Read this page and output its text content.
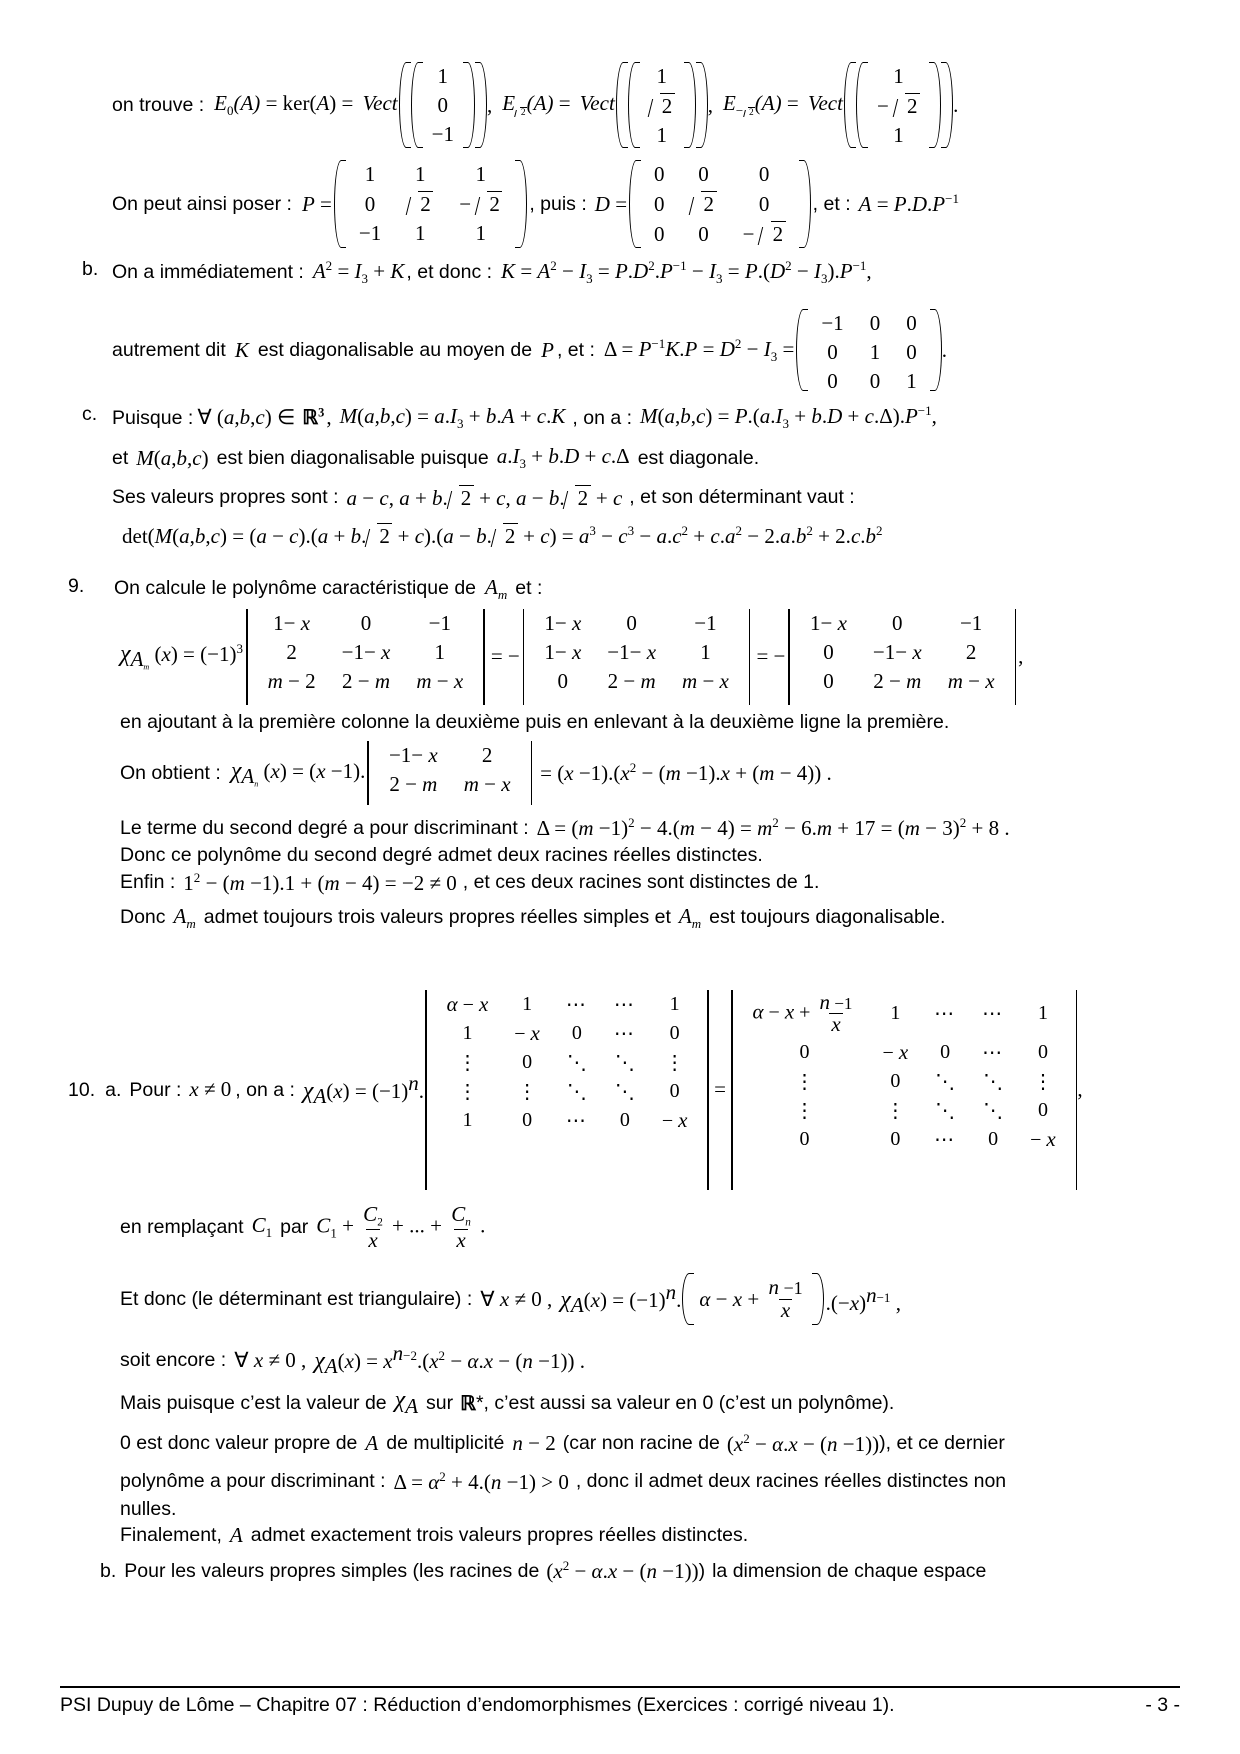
on trouve : $E_0(A) = ker(A)$ = Vect
1
0
−1
, E $_2$(A) = Vect
1
2
1
, $E_{- 2}(A)$ = Vect
1
− 2
1
.
On peut ainsi poser : P =
1	1	1
0	2	− 2
−1	1	1
, puis : D =
0	0	0
0	2	0
0	0	− 2
, et : $A = P.D.P^{-1}$
b. On a immédiatement : $A^2 = I_3 + K$ , et donc : $K = A^2 - I_3 = P.D^2.P^{-1} - I_3 = P.(D^2 - I_3).P^{-1}$,
autrement dit K est diagonalisable au moyen de P , et : $\Delta = P^{-1}K.P = D^2 - I_3$ =
−1	0	0
0	1	0
0	0	1
.
c. Puisque : ∀ (a,b,c) ∈ ℝ$^3$ , $M(a,b,c) = a.I_3 + b.A + c.K$ , on a : $M(a,b,c) = P.(a.I_3 + b.D + c.\Delta).P^{-1}$,
et M(a,b,c) est bien diagonalisable puisque $a.I_3 + b.D + c.\Delta$ est diagonale.
Ses valeurs propres sont : a − c, a + b. 2 + c, a − b. 2 + c , et son déterminant vaut :
det(M(a,b,c) = (a − c).(a + b. 2 + c).(a − b. $2 + c) = a^3 - c^3 - a.c^2 + c.a^2 - 2.a.b^2 + 2.c.b^2$
9.	On calcule le polynôme caractéristique de $A_m$ et :
$\chi_{A_m}$ $(x) = (-1)^3$
1− x	0	−1
2	−1− x	1
m − 2	2 − m	m − x
= −
1− x	0	−1
1− x	−1− x	1
0	2 − m	m − x
= −
1− x	0	−1
0	−1− x	2
0	2 − m	m − x
,
en ajoutant à la première colonne la deuxième puis en enlevant à la deuxième ligne la première.
On obtient : $\chi_{A_n}$ (x) = (x −1).
−1− x	2
2 − m	$m - x = (x -1).(x^2 - (m -1).x + (m - 4))$ .
Le terme du second degré a pour discriminant : $\Delta = (m -1)^2 - 4.(m - 4) = m^2 - 6.m + 17 = (m - 3)^2 + 8$ .
Donc ce polynôme du second degré admet deux racines réelles distinctes.
Enfin : $1^2 - (m -1).1 + (m - 4) = -2 \ne 0$ , et ces deux racines sont distinctes de 1.
Donc $A_m$ admet toujours trois valeurs propres réelles simples et $A_m$ est toujours diagonalisable.
10. a. Pour : x ≠ 0 , on a : $\chi_A(x) = (-1)^n$.
α − x	1	⋯	⋯	1
1	− x	0	⋯	0
⋮	0	⋱	⋱	⋮
⋮	⋮	⋱	⋱	0
1	0	⋯	0	− x
=
$\alpha - x + \frac{n -1}{x}$	1	⋯	⋯	1
0	− x	0	⋯	0
⋮	0	⋱	⋱	⋮
⋮	⋮	⋱	⋱	0
0	0	⋯	0	− x
,
en remplaçant $C_1$ par $C_1 + \frac{C_2}{x}$ + ... + $\frac{C_n}{x}$ .
Et donc (le déterminant est triangulaire) : ∀ x ≠ 0 , $\chi_A(x) = (-1)^n$. $\alpha - x + \frac{n -1}{x} .(-x)^{n-1}$ ,
soit encore : ∀ x ≠ 0 , $\chi_A(x) = x^{n-2}.(x^2 - \alpha.x - (n -1))$ .
Mais puisque c’est la valeur de $\chi_A$ sur ℝ *, c’est aussi sa valeur en 0 (c’est un polynôme).
0 est donc valeur propre de A de multiplicité n − 2 (car non racine de $(x^2 - \alpha.x - (n -1))$ ) , et ce dernier
polynôme a pour discriminant : $\Delta = \alpha^2 + 4.(n -1) > 0$ , donc il admet deux racines réelles distinctes non
nulles.
Finalement, A admet exactement trois valeurs propres réelles distinctes.
b. Pour les valeurs propres simples (les racines de $(x^2 - \alpha.x - (n -1))$ ) la dimension de chaque espace
PSI Dupuy de Lôme – Chapitre 07 : Réduction d’endomorphismes (Exercices : corrigé niveau 1).	- 3 -
